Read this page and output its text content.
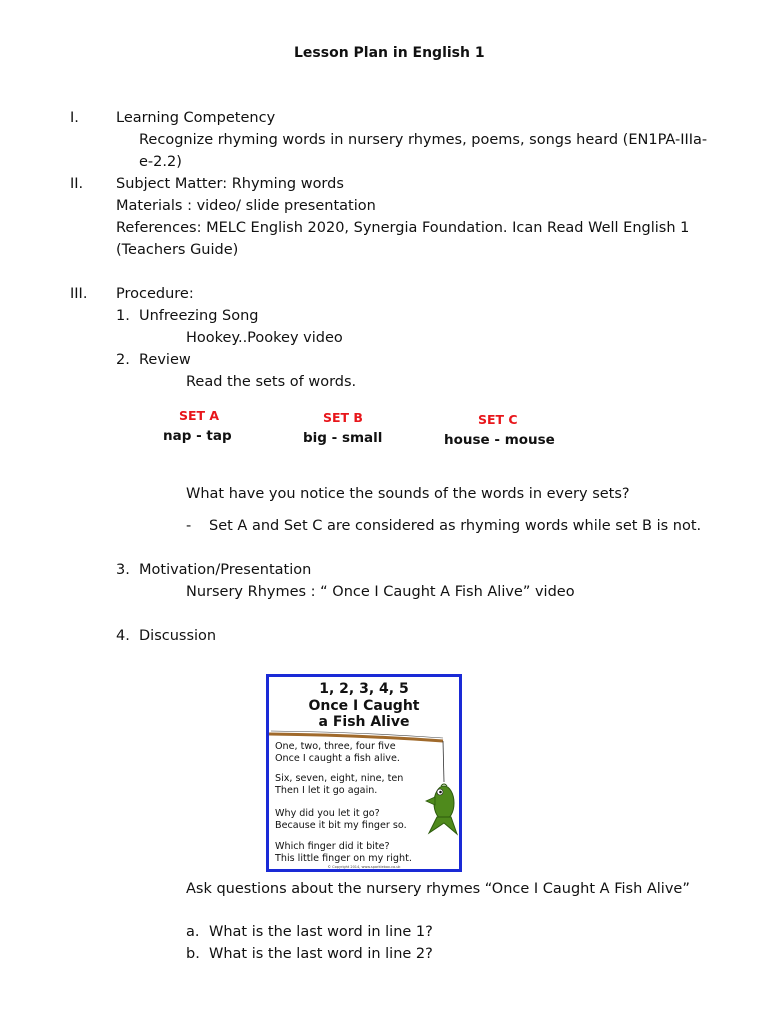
Lesson Plan in English 1
I.	Learning Competency
Recognize rhyming words in nursery rhymes, poems, songs heard (EN1PA-IIIa-
e-2.2)
II. Subject Matter: Rhyming words
Materials : video/ slide presentation
References: MELC English 2020, Synergia Foundation. Ican Read Well English 1
(Teachers Guide)
III. Procedure:
1. Unfreezing Song
Hookey..Pookey video
2. Review
Read the sets of words.
SET A
nap - tap
SET B
big - small
SET C
house - mouse
What have you notice the sounds of the words in every sets?
- Set A and Set C are considered as rhyming words while set B is not.
3. Motivation/Presentation
Nursery Rhymes : “ Once I Caught A Fish Alive” video
4. Discussion
1, 2, 3, 4, 5
Once I Caught
a Fish Alive
One, two, three, four five
Once I caught a fish alive.
Six, seven, eight, nine, ten
Then I let it go again.
Why did you let it go?
Because it bit my finger so.
Which finger did it bite?
This little finger on my right.
© Copyright 2014, www.sparklebox.co.uk
Ask questions about the nursery rhymes “Once I Caught A Fish Alive”
a. What is the last word in line 1?
b. What is the last word in line 2?
